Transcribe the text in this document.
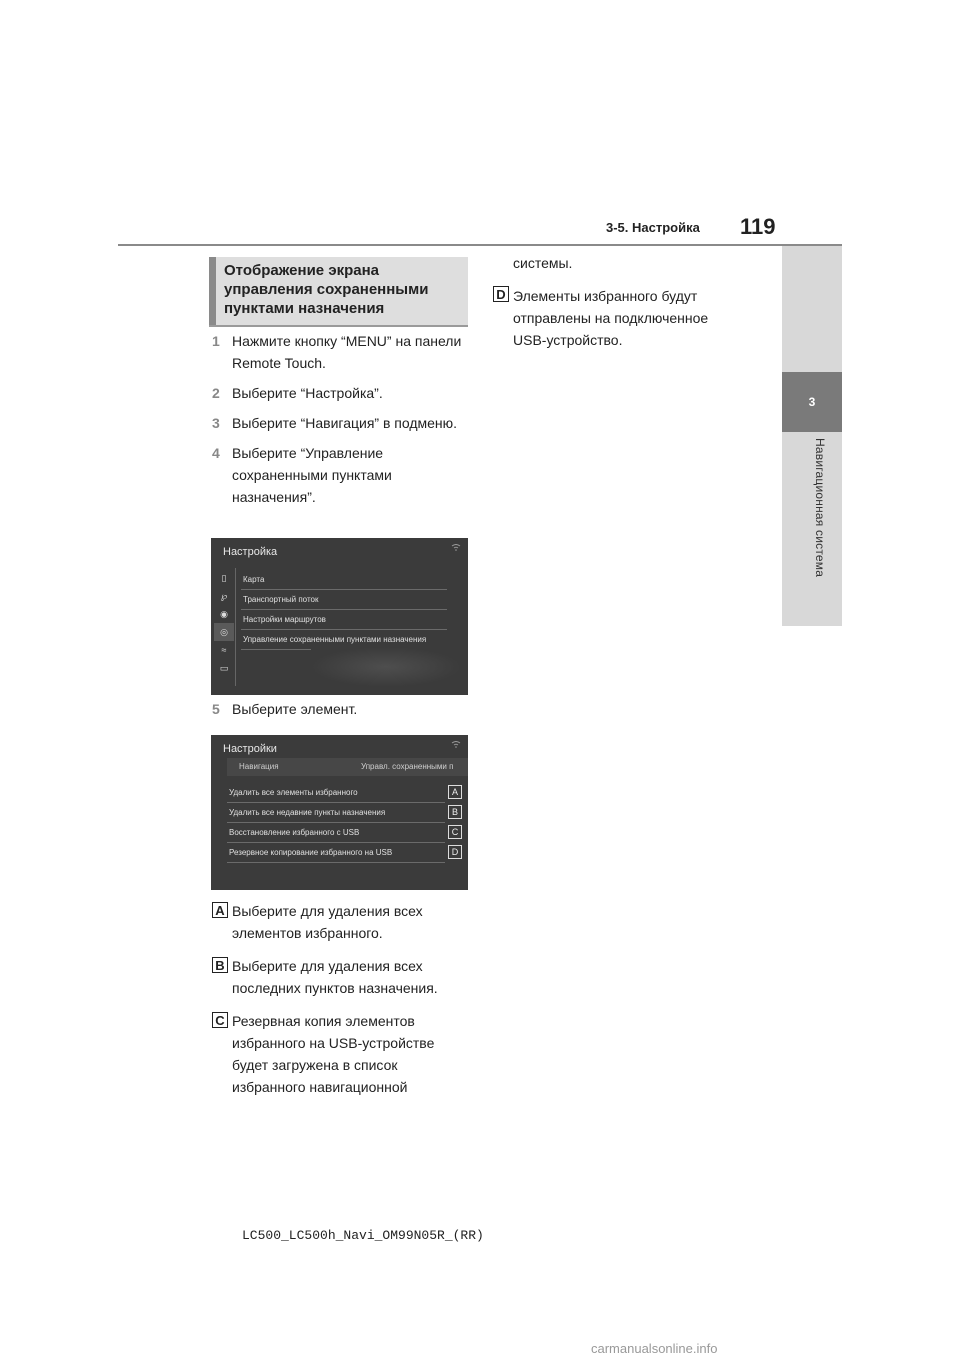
3-5. Настройка 119
3
Навигационная система
Отображение экрана управления сохраненными пунктами назначения
1 Нажмите кнопку “MENU” на панели Remote Touch.
2 Выберите “Настройка”.
3 Выберите “Навигация” в подменю.
4 Выберите “Управление сохраненными пунктами назначения”.
Настройка
▯
℘
◉
◎
≈
▭
Карта
Транспортный поток
Настройки маршрутов
Управление сохраненными пунктами назначения
5 Выберите элемент.
Настройки
Навигация	Управл. сохраненными п
Удалить все элементы избранного
Удалить все недавние пункты назначения
Восстановление избранного с USB
Резервное копирование избранного на USB
A
B
C
D
A Выберите для удаления всех элементов избранного.
B Выберите для удаления всех последних пунктов назначения.
C Резервная копия элементов избранного на USB-устройстве будет загружена в список избранного навигационной
системы.
D Элементы избранного будут отправлены на подключенное USB-устройство.
LC500_LC500h_Navi_OM99N05R_(RR)
carmanualsonline.info
